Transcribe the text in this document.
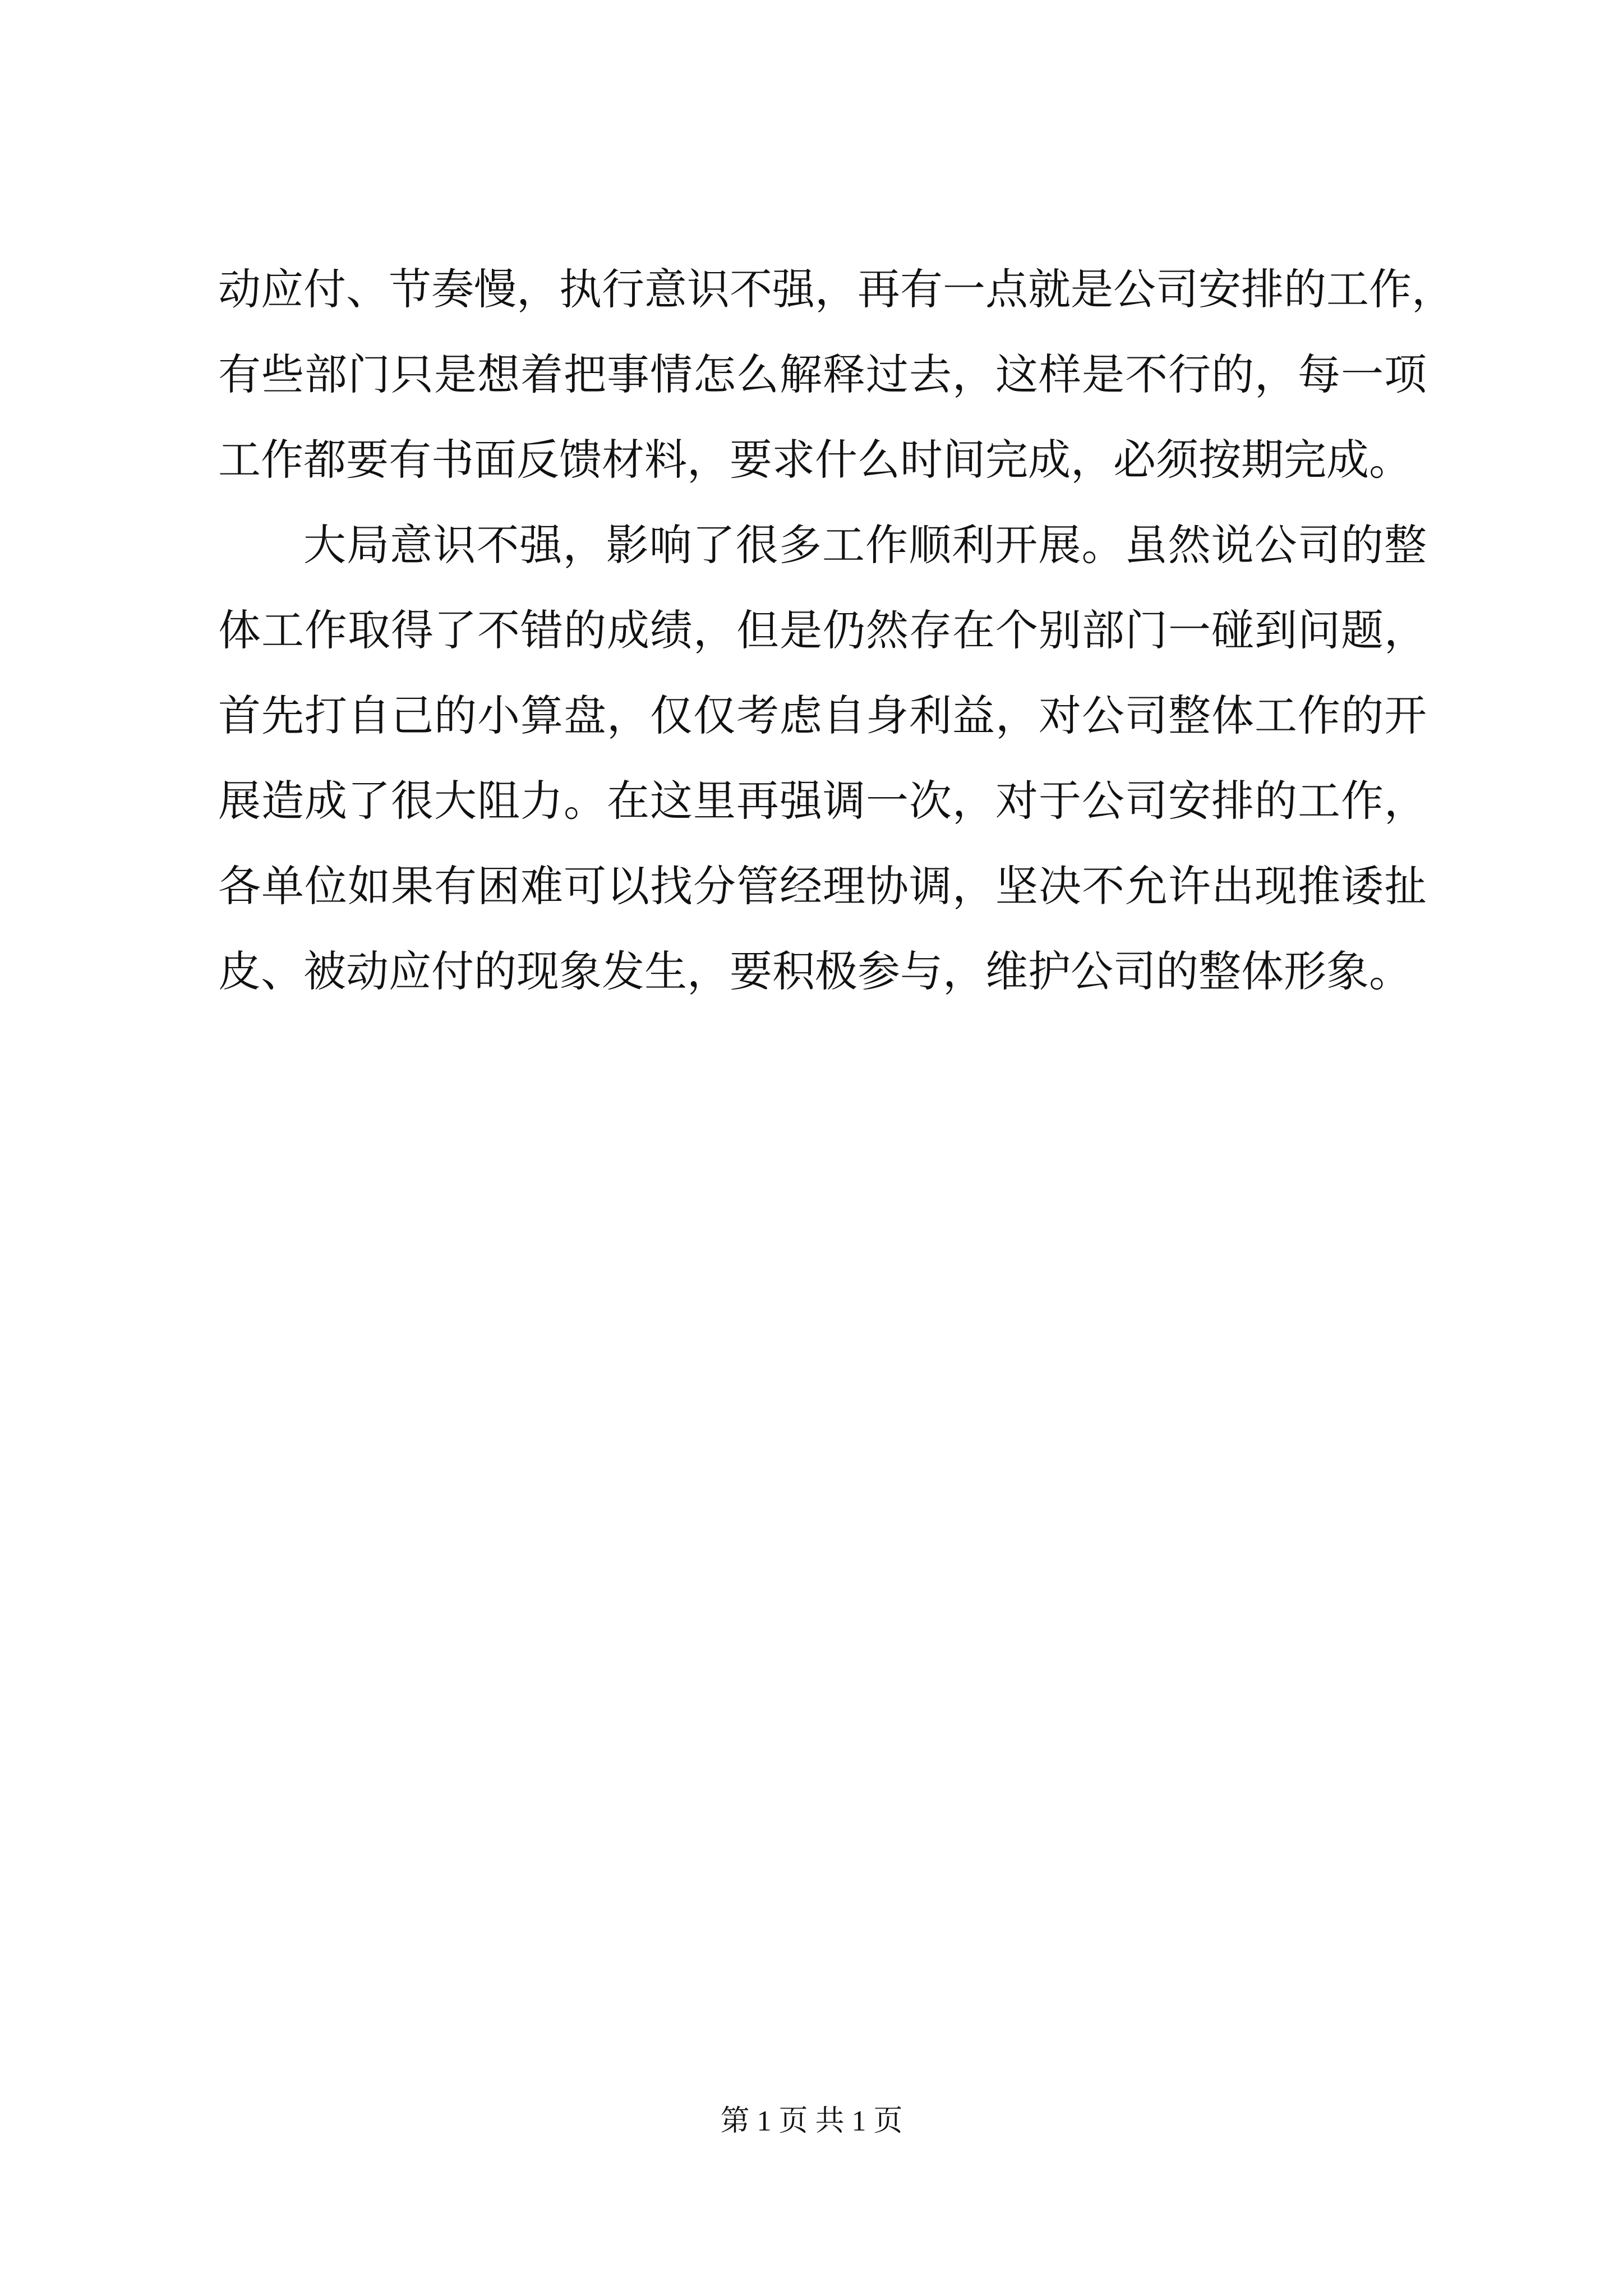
动应付、节奏慢，执行意识不强，再有一点就是公司安排的工作，
有些部门只是想着把事情怎么解释过去，这样是不行的，每一项
工作都要有书面反馈材料，要求什么时间完成，必须按期完成。
大局意识不强，影响了很多工作顺利开展。虽然说公司的整
体工作取得了不错的成绩，但是仍然存在个别部门一碰到问题，
首先打自己的小算盘，仅仅考虑自身利益，对公司整体工作的开
展造成了很大阻力。在这里再强调一次，对于公司安排的工作，
各单位如果有困难可以找分管经理协调，坚决不允许出现推诿扯
皮、被动应付的现象发生，要积极参与，维护公司的整体形象。
第 1 页 共 1 页
